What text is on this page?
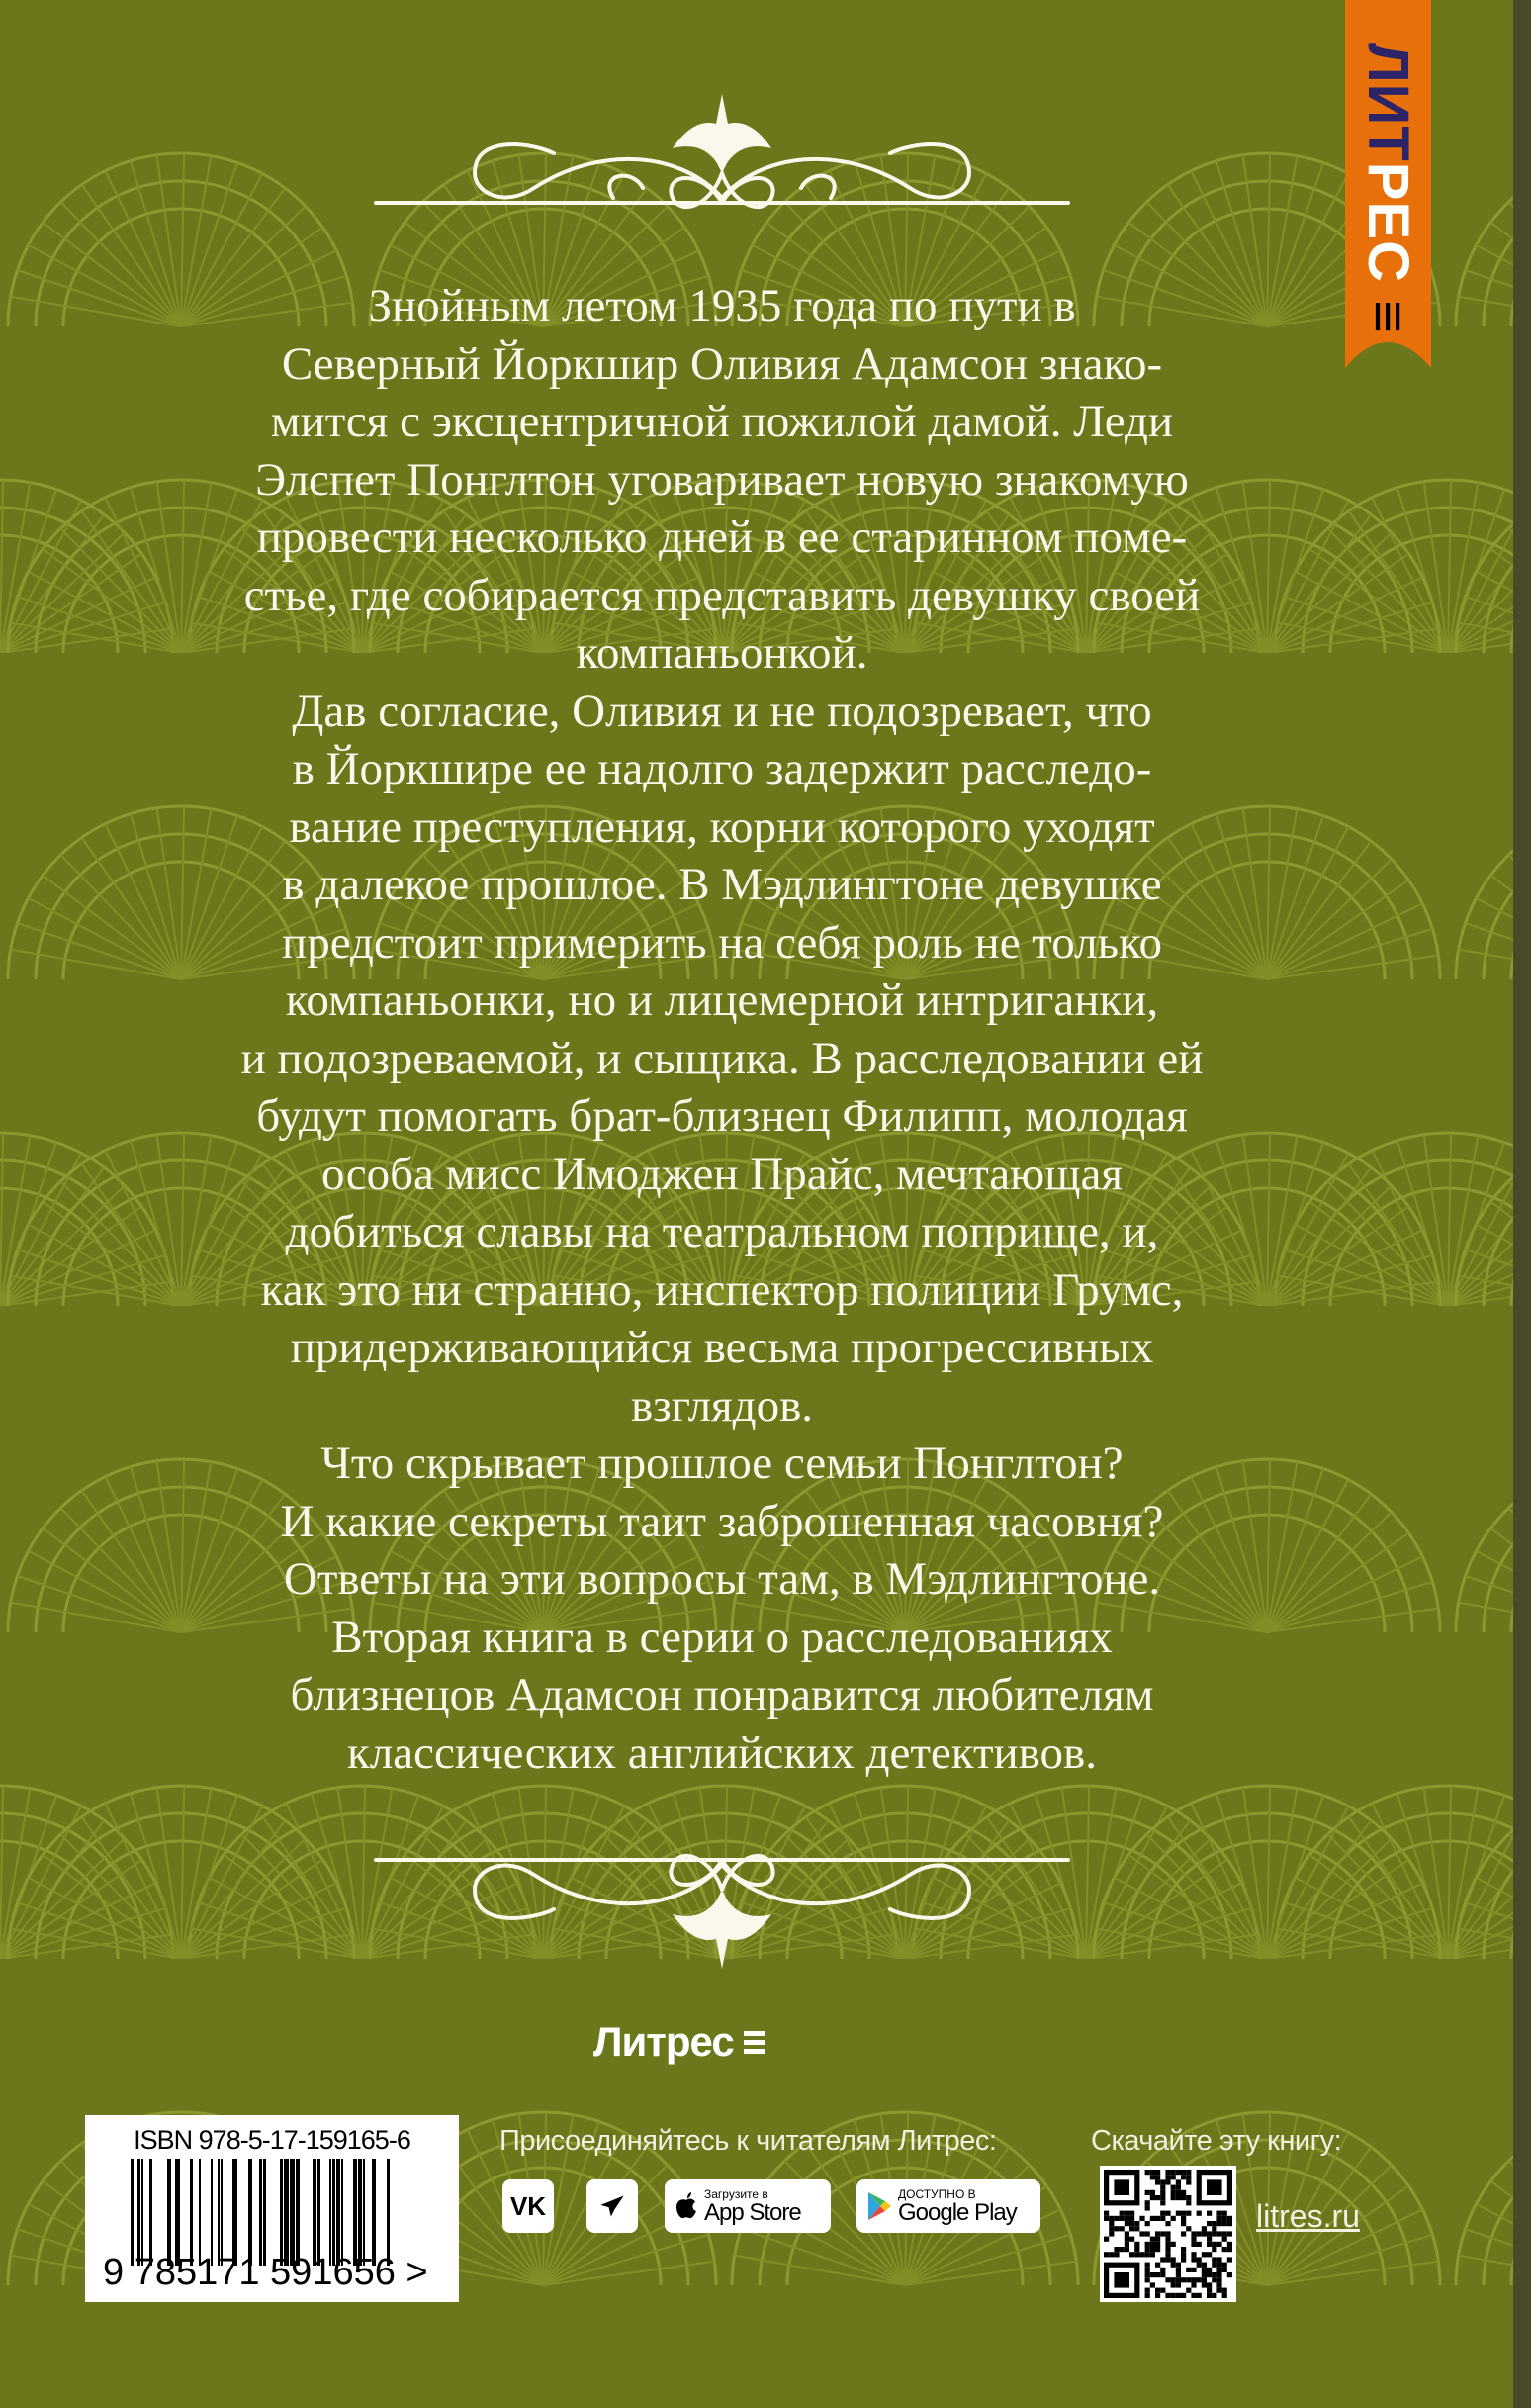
ЛИТРЕС ≡
Знойным летом 1935 года по пути в
Северный Йоркшир Оливия Адамсон знако-
мится с эксцентричной пожилой дамой. Леди
Элспет Понглтон уговаривает новую знакомую
провести несколько дней в ее старинном поме-
стье, где собирается представить девушку своей
компаньонкой.
Дав согласие, Оливия и не подозревает, что
в Йоркшире ее надолго задержит расследо-
вание преступления, корни которого уходят
в далекое прошлое. В Мэдлингтоне девушке
предстоит примерить на себя роль не только
компаньонки, но и лицемерной интриганки,
и подозреваемой, и сыщика. В расследовании ей
будут помогать брат-близнец Филипп, молодая
особа мисс Имоджен Прайс, мечтающая
добиться славы на театральном поприще, и,
как это ни странно, инспектор полиции Грумс,
придерживающийся весьма прогрессивных
взглядов.
Что скрывает прошлое семьи Понглтон?
И какие секреты таит заброшенная часовня?
Ответы на эти вопросы там, в Мэдлингтоне.
Вторая книга в серии о расследованиях
близнецов Адамсон понравится любителям
классических английских детективов.
Литрес
ISBN 978-5-17-159165-6
9 785171 591656 >
Присоединяйтесь к читателям Литрес:	Скачайте эту книгу:
VK	Загрузите в
App Store
ДОСТУПНО В
Google Play	litres.ru
